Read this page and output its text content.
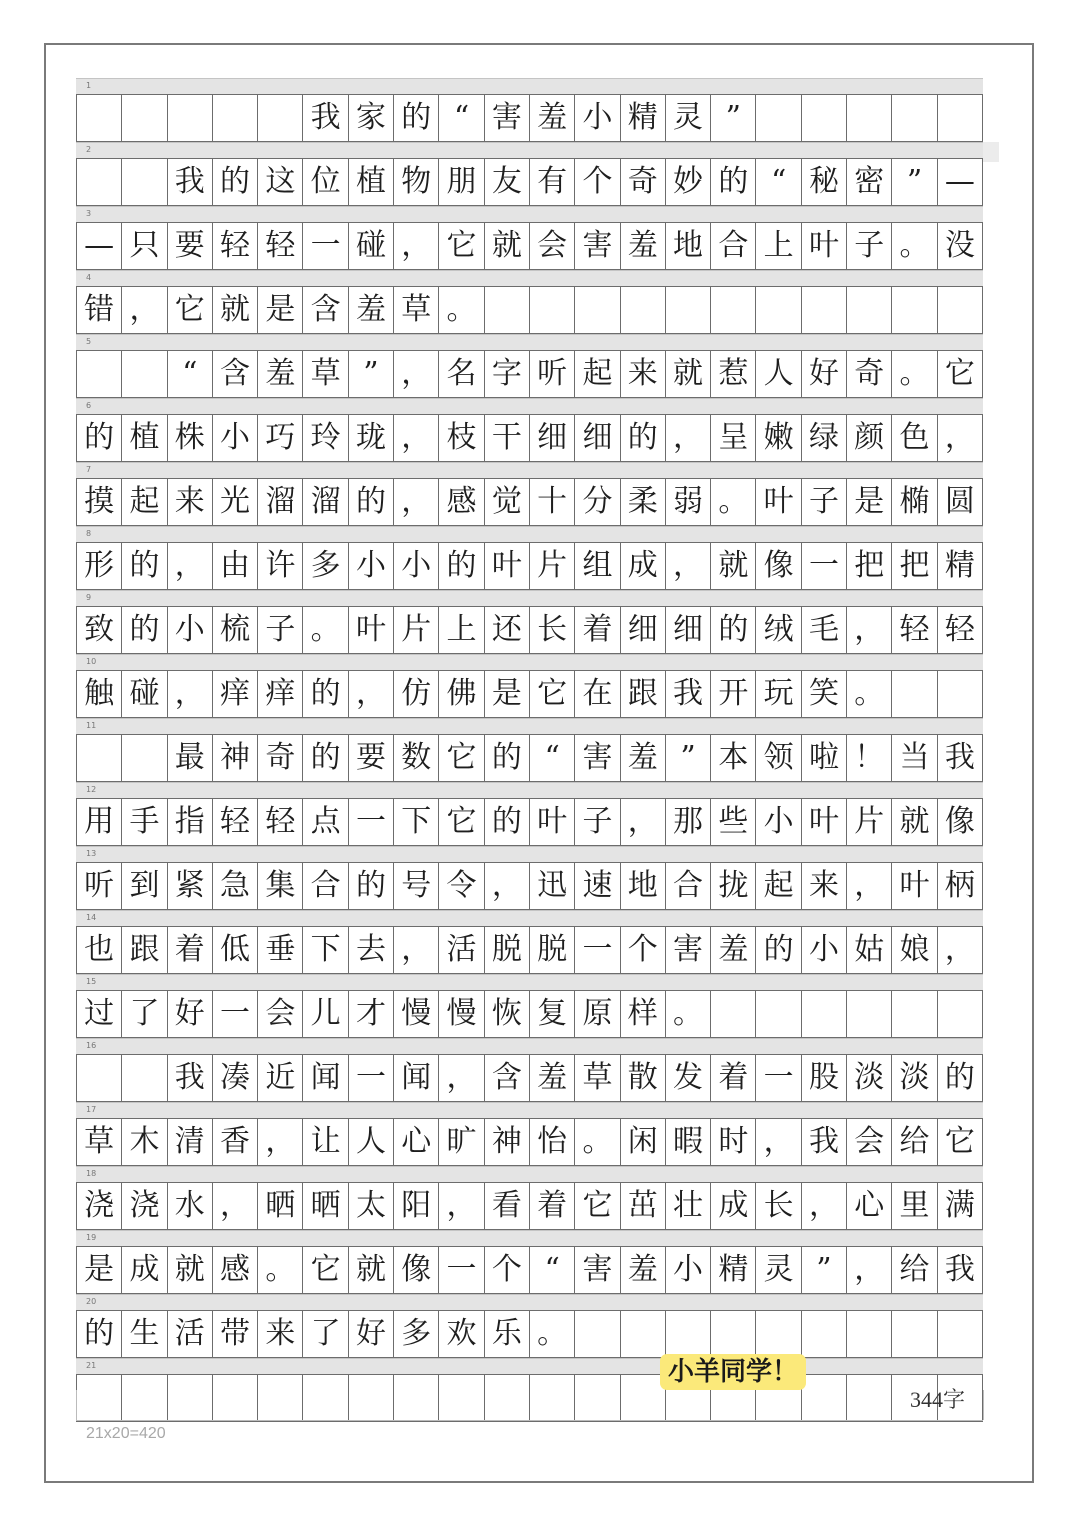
1
我 家 的 “ 害 羞 小 精 灵 ”
2
我 的 这 位 植 物 朋 友 有 个 奇 妙 的 “ 秘 密 ” —
3
— 只 要 轻 轻 一 碰 ， 它 就 会 害 羞 地 合 上 叶 子 。 没
4
错 ， 它 就 是 含 羞 草 。
5
“ 含 羞 草 ” ， 名 字 听 起 来 就 惹 人 好 奇 。 它
6
的 植 株 小 巧 玲 珑 ， 枝 干 细 细 的 ， 呈 嫩 绿 颜 色 ，
7
摸 起 来 光 溜 溜 的 ， 感 觉 十 分 柔 弱 。 叶 子 是 椭 圆
8
形 的 ， 由 许 多 小 小 的 叶 片 组 成 ， 就 像 一 把 把 精
9
致 的 小 梳 子 。 叶 片 上 还 长 着 细 细 的 绒 毛 ， 轻 轻
10
触 碰 ， 痒 痒 的 ， 仿 佛 是 它 在 跟 我 开 玩 笑 。
11
最 神 奇 的 要 数 它 的 “ 害 羞 ” 本 领 啦 ！ 当 我
12
用 手 指 轻 轻 点 一 下 它 的 叶 子 ， 那 些 小 叶 片 就 像
13
听 到 紧 急 集 合 的 号 令 ， 迅 速 地 合 拢 起 来 ， 叶 柄
14
也 跟 着 低 垂 下 去 ， 活 脱 脱 一 个 害 羞 的 小 姑 娘 ，
15
过 了 好 一 会 儿 才 慢 慢 恢 复 原 样 。
16
我 凑 近 闻 一 闻 ， 含 羞 草 散 发 着 一 股 淡 淡 的
17
草 木 清 香 ， 让 人 心 旷 神 怡 。 闲 暇 时 ， 我 会 给 它
18
浇 浇 水 ， 晒 晒 太 阳 ， 看 着 它 茁 壮 成 长 ， 心 里 满
19
是 成 就 感 。 它 就 像 一 个 “ 害 羞 小 精 灵 ” ， 给 我
20
的 生 活 带 来 了 好 多 欢 乐 。
21
21x20=420
344字
小羊同学！
